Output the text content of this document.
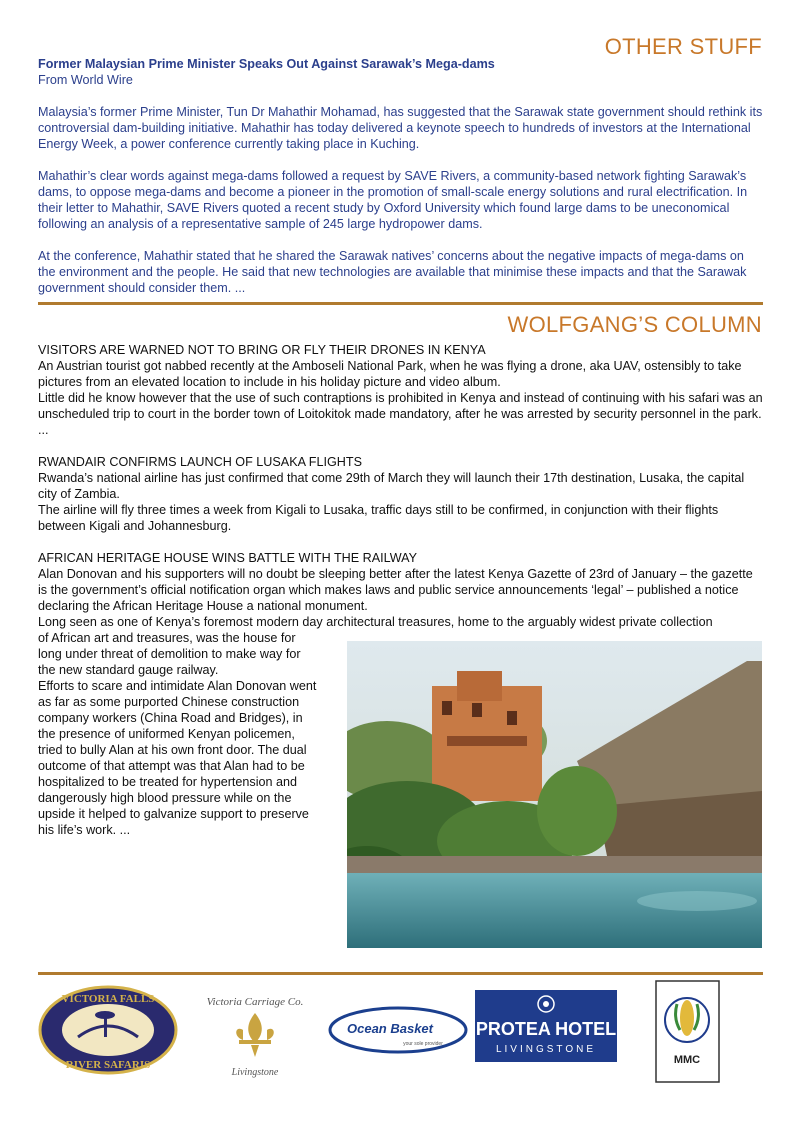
OTHER STUFF
Former Malaysian Prime Minister Speaks Out Against Sarawak’s Mega-dams
From World Wire

Malaysia’s former Prime Minister, Tun Dr Mahathir Mohamad, has suggested that the Sarawak state government should rethink its controversial dam-building initiative. Mahathir has today delivered a keynote speech to hundreds of investors at the International Energy Week, a power conference currently taking place in Kuching.

Mahathir’s clear words against mega-dams followed a request by SAVE Rivers, a community-based network fighting Sarawak’s dams, to oppose mega-dams and become a pioneer in the promotion of small-scale energy solutions and rural electrification. In their letter to Mahathir, SAVE Rivers quoted a recent study by Oxford University which found large dams to be uneconomical following an analysis of a representative sample of 245 large hydropower dams.

At the conference, Mahathir stated that he shared the Sarawak natives’ concerns about the negative impacts of mega-dams on the environment and the people. He said that new technologies are available that minimise these impacts and that the Sarawak government should consider them. ...

WOLFGANG’S COLUMN

VISITORS ARE WARNED NOT TO BRING OR FLY THEIR DRONES IN KENYA

An Austrian tourist got nabbed recently at the Amboseli National Park, when he was flying a drone, aka UAV, ostensibly to take pictures from an elevated location to include in his holiday picture and video album.

Little did he know however that the use of such contraptions is prohibited in Kenya and instead of continuing with his safari was an unscheduled trip to court in the border town of Loitokitok made mandatory, after he was arrested by security personnel in the park. ...

RWANDAIR CONFIRMS LAUNCH OF LUSAKA FLIGHTS

Rwanda’s national airline has just confirmed that come 29th of March they will launch their 17th destination, Lusaka, the capital city of Zambia.

The airline will fly three times a week from Kigali to Lusaka, traffic days still to be confirmed, in conjunction with their flights between Kigali and Johannesburg.

AFRICAN HERITAGE HOUSE WINS BATTLE WITH THE RAILWAY

Alan Donovan and his supporters will no doubt be sleeping better after the latest Kenya Gazette of 23rd of January – the gazette is the government’s official notification organ which makes laws and public service announcements ‘legal’ – published a notice declaring the African Heritage House a national monument.

Long seen as one of Kenya’s foremost modern day architectural treasures, home to the arguably widest private collection

of African art and treasures, was the house for
long under threat of demolition to make way for
the new standard gauge railway.
Efforts to scare and intimidate Alan Donovan went
as far as some purported Chinese construction
company workers (China Road and Bridges), in
the presence of uniformed Kenyan policemen,
tried to bully Alan at his own front door. The dual
outcome of that attempt was that Alan had to be
hospitalized to be treated for hypertension and
dangerously high blood pressure while on the
upside it helped to galvanize support to preserve
his life’s work. ...
VICTORIA FALLS
RIVER SAFARIS
Victoria Carriage Co.
Livingstone
Ocean Basket
your sole provider
PROTEA HOTEL
LIVINGSTONE
MMC
